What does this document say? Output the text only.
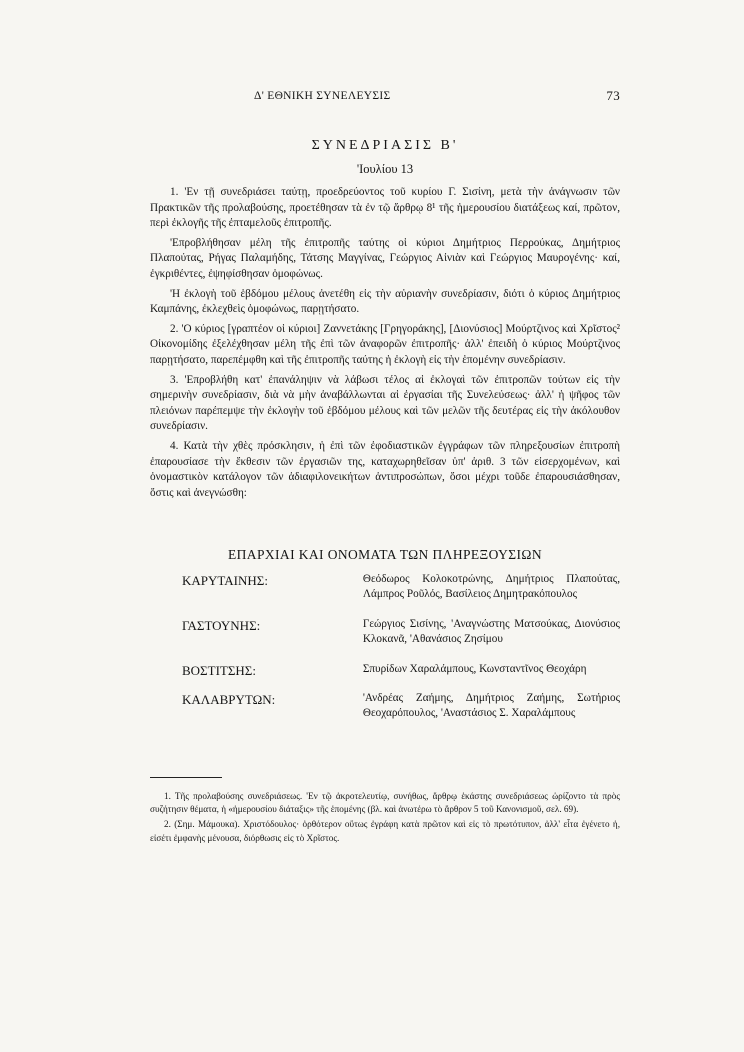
Δ' ΕΘΝΙΚΗ ΣΥΝΕΛΕΥΣΙΣ	73
ΣΥΝΕΔΡΙΑΣΙΣ Β'
'Ιουλίου 13

1. 'Εν τῇ συνεδριάσει ταύτῃ, προεδρεύοντος τοῦ κυρίου Γ. Σισίνη, μετὰ τὴν ἀνάγνωσιν τῶν Πρακτικῶν τῆς προλαβούσης, προετέθησαν τὰ ἐν τῷ ἄρθρῳ 8¹ τῆς ἡμερουσίου διατάξεως καί, πρῶτον, περὶ ἐκλογῆς τῆς ἐπταμελοῦς ἐπιτροπῆς.

'Επροβλήθησαν μέλη τῆς ἐπιτροπῆς ταύτης οἱ κύριοι Δημήτριος Περρούκας, Δημήτριος Πλαπούτας, Ρήγας Παλαμήδης, Τάτσης Μαγγίνας, Γεώργιος Αἰνιὰν καὶ Γεώργιος Μαυρογένης· καί, ἐγκριθέντες, ἐψηφίσθησαν ὁμοφώνως.

'Η ἐκλογὴ τοῦ ἑβδόμου μέλους ἀνετέθη εἰς τὴν αὐριανὴν συνεδρίασιν, διότι ὁ κύριος Δημήτριος Καμπάνης, ἐκλεχθεὶς ὁμοφώνως, παρῃτήσατο.

2. 'Ο κύριος [γραπτέον οἱ κύριοι] Ζαννετάκης [Γρηγοράκης], [Διονύσιος] Μούρτζινος καὶ Χρῖστος² Οἰκονομίδης ἐξελέχθησαν μέλη τῆς ἐπὶ τῶν ἀναφορῶν ἐπιτροπῆς· ἀλλ' ἐπειδὴ ὁ κύριος Μούρτζινος παρῃτήσατο, παρεπέμφθη καὶ τῆς ἐπιτροπῆς ταύτης ἡ ἐκλογὴ εἰς τὴν ἑπομένην συνεδρίασιν.

3. 'Επροβλήθη κατ' ἐπανάληψιν νὰ λάβωσι τέλος αἱ ἐκλογαὶ τῶν ἐπιτροπῶν τούτων εἰς τὴν σημερινὴν συνεδρίασιν, διὰ νὰ μὴν ἀναβάλλωνται αἱ ἐργασίαι τῆς Συνελεύσεως· ἀλλ' ἡ ψῆφος τῶν πλειόνων παρέπεμψε τὴν ἐκλογὴν τοῦ ἑβδόμου μέλους καὶ τῶν μελῶν τῆς δευτέρας εἰς τὴν ἀκόλουθον συνεδρίασιν.

4. Κατὰ τὴν χθὲς πρόσκλησιν, ἡ ἐπὶ τῶν ἐφοδιαστικῶν ἐγγράφων τῶν πληρεξουσίων ἐπιτροπὴ ἐπαρουσίασε τὴν ἔκθεσιν τῶν ἐργασιῶν της, καταχωρηθεῖσαν ὑπ' ἀριθ. 3 τῶν εἰσερχομένων, καὶ ὀνομαστικὸν κατάλογον τῶν ἀδιαφιλονεικήτων ἀντιπροσώπων, ὅσοι μέχρι τοῦδε ἐπαρουσιάσθησαν, ὅστις καὶ ἀνεγνώσθη:

ΕΠΑΡΧΙΑΙ ΚΑΙ ΟΝΟΜΑΤΑ ΤΩΝ ΠΛΗΡΕΞΟΥΣΙΩΝ
ΚΑΡΥΤΑΙΝΗΣ:	Θεόδωρος Κολοκοτρώνης, Δημήτριος Πλαπούτας, Λάμπρος Ροῦλός, Βασίλειος Δημητρακόπουλος
ΓΑΣΤΟΥΝΗΣ:	Γεώργιος Σισίνης, 'Αναγνώστης Ματσούκας, Διονύσιος Κλοκανᾶ, 'Αθανάσιος Ζησίμου
ΒΟΣΤΙΤΣΗΣ:	Σπυρίδων Χαραλάμπους, Κωνσταντῖνος Θεοχάρη
ΚΑΛΑΒΡΥΤΩΝ:	'Ανδρέας Ζαήμης, Δημήτριος Ζαήμης, Σωτήριος Θεοχαρόπουλος, 'Αναστάσιος Σ. Χαραλάμπους

1. Τῆς προλαβούσης συνεδριάσεως. 'Εν τῷ ἀκροτελευτίῳ, συνήθως, ἄρθρῳ ἑκάστης συνεδριάσεως ὡρίζοντο τὰ πρὸς συζήτησιν θέματα, ἡ «ἡμερουσίου διάταξις» τῆς ἑπομένης (βλ. καὶ ἀνωτέρω τὸ ἄρθρον 5 τοῦ Κανονισμοῦ, σελ. 69).

2. (Σημ. Μάμουκα). Χριστόδουλος· ὀρθότερον οὕτως ἐγράφη κατὰ πρῶτον καὶ εἰς τὸ πρωτότυπον, ἀλλ' εἶτα ἐγένετο ἡ, εἰσέτι ἐμφανὴς μένουσα, διόρθωσις εἰς τὸ Χρῖστος.
